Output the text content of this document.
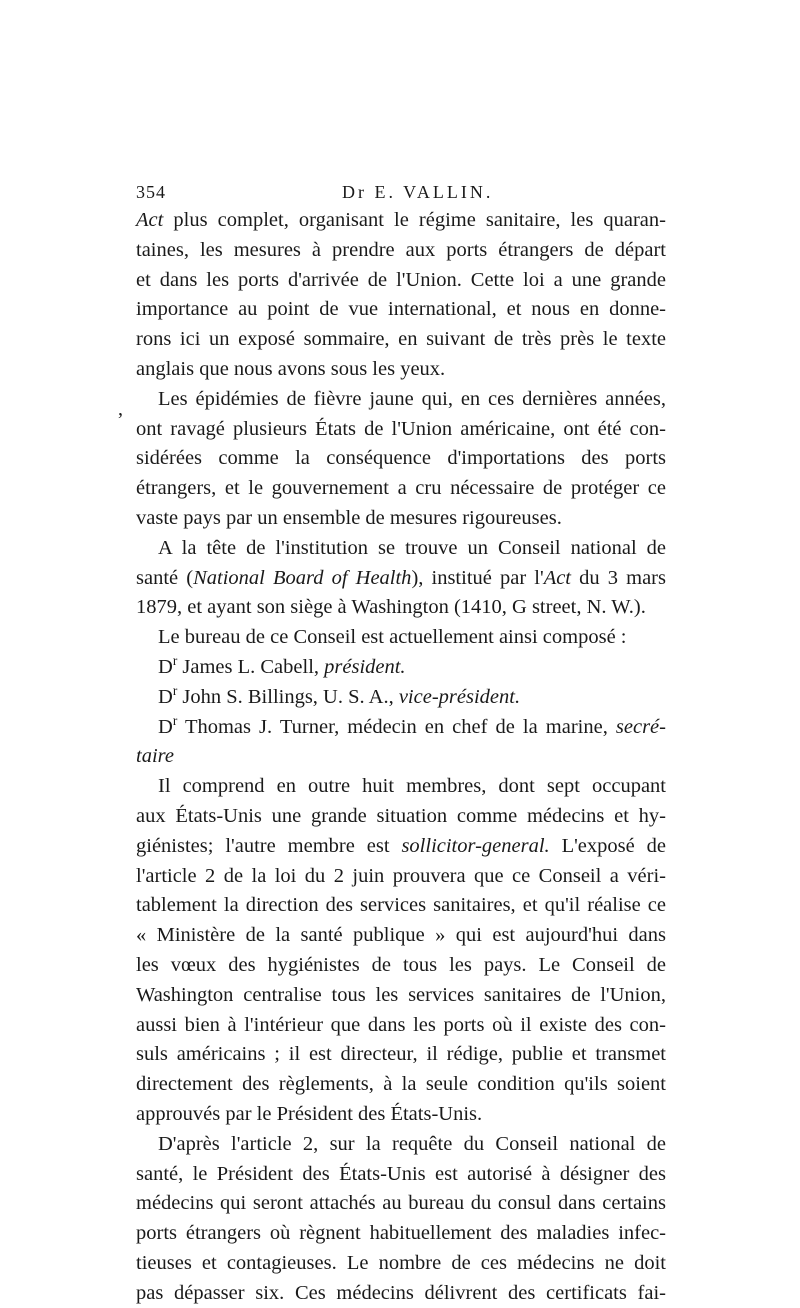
354	Dr E. VALLIN.
Act plus complet, organisant le régime sanitaire, les quaran-
taines, les mesures à prendre aux ports étrangers de départ
et dans les ports d'arrivée de l'Union. Cette loi a une grande
importance au point de vue international, et nous en donne-
rons ici un exposé sommaire, en suivant de très près le texte
anglais que nous avons sous les yeux.
Les épidémies de fièvre jaune qui, en ces dernières années,
ont ravagé plusieurs États de l'Union américaine, ont été con-
sidérées comme la conséquence d'importations des ports
étrangers, et le gouvernement a cru nécessaire de protéger ce
vaste pays par un ensemble de mesures rigoureuses.
A la tête de l'institution se trouve un Conseil national de
santé (National Board of Health), institué par l'Act du 3 mars
1879, et ayant son siège à Washington (1410, G street, N. W.).
Le bureau de ce Conseil est actuellement ainsi composé :
$D^r$ James L. Cabell, président.
$D^r$ John S. Billings, U. S. A., vice-président.
$D^r$ Thomas J. Turner, médecin en chef de la marine, secré-
taire
Il comprend en outre huit membres, dont sept occupant
aux États-Unis une grande situation comme médecins et hy-
giénistes; l'autre membre est sollicitor-general. L'exposé de
l'article 2 de la loi du 2 juin prouvera que ce Conseil a véri-
tablement la direction des services sanitaires, et qu'il réalise ce
« Ministère de la santé publique » qui est aujourd'hui dans
les vœux des hygiénistes de tous les pays. Le Conseil de
Washington centralise tous les services sanitaires de l'Union,
aussi bien à l'intérieur que dans les ports où il existe des con-
suls américains ; il est directeur, il rédige, publie et transmet
directement des règlements, à la seule condition qu'ils soient
approuvés par le Président des États-Unis.
D'après l'article 2, sur la requête du Conseil national de
santé, le Président des États-Unis est autorisé à désigner des
médecins qui seront attachés au bureau du consul dans certains
ports étrangers où règnent habituellement des maladies infec-
tieuses et contagieuses. Le nombre de ces médecins ne doit
pas dépasser six. Ces médecins délivrent des certificats fai-
,
